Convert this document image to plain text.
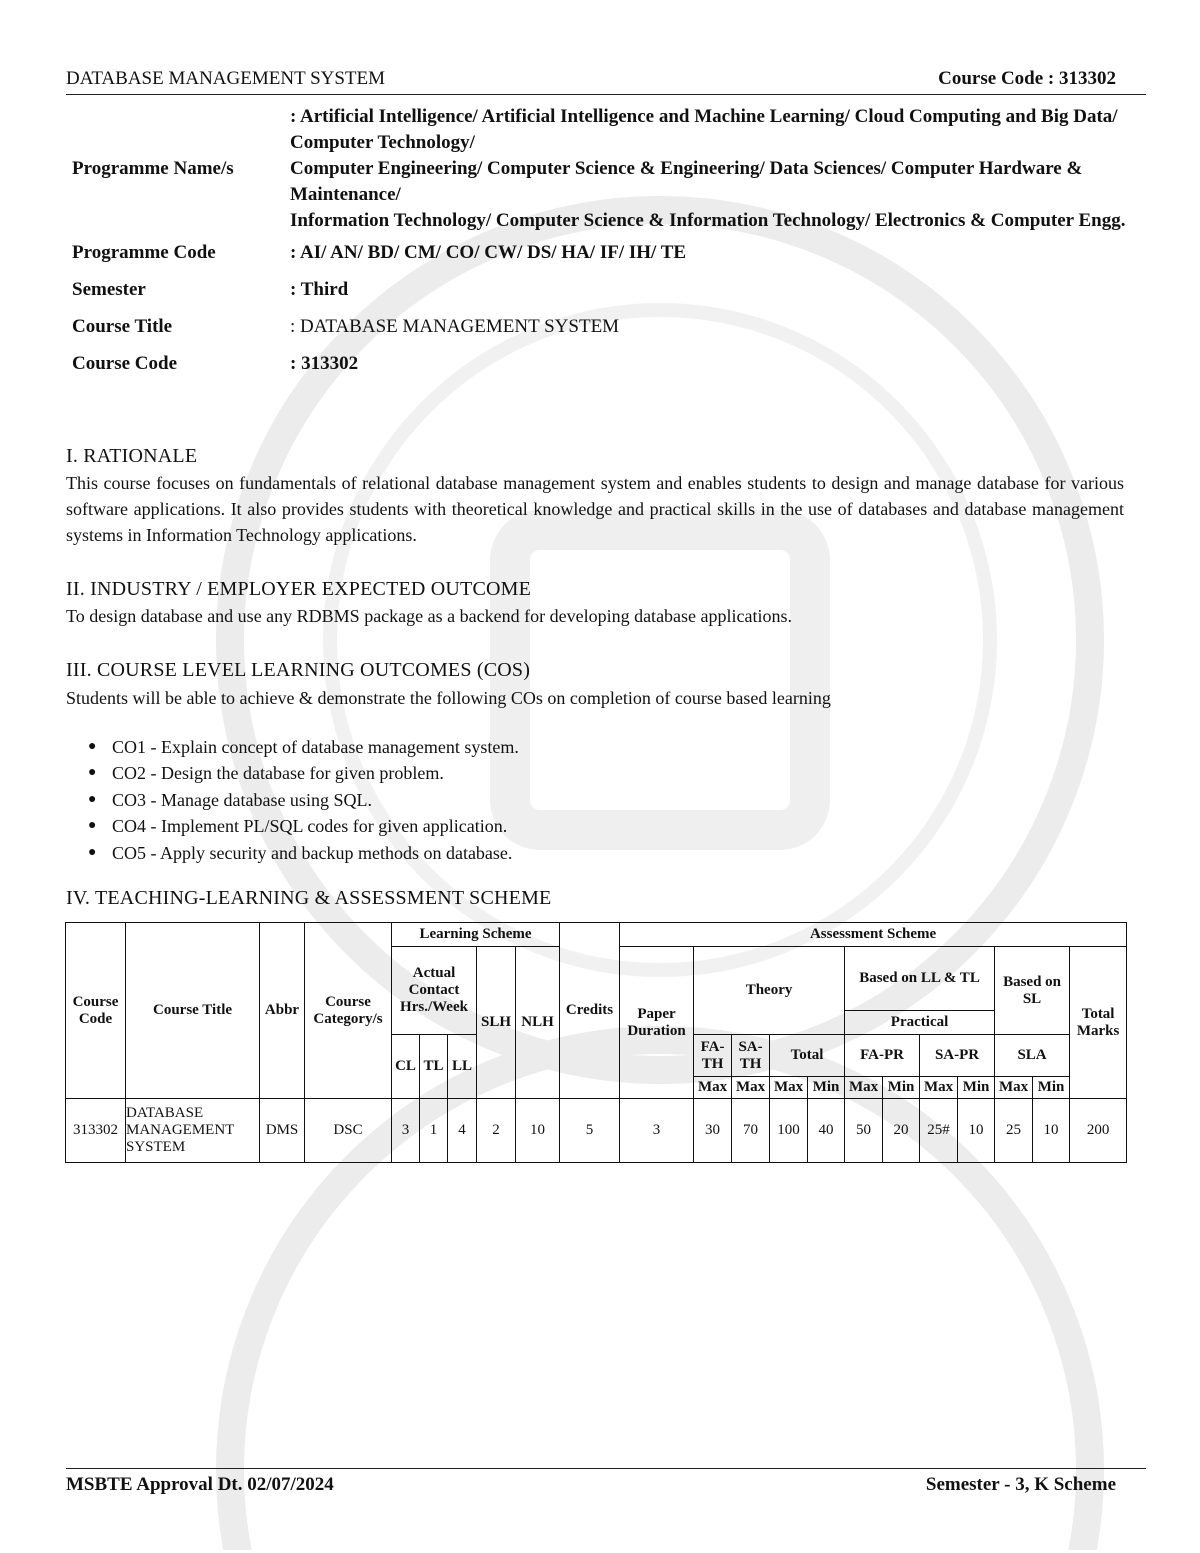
DATABASE MANAGEMENT SYSTEM	Course Code : 313302
Programme Name/s	: Artificial Intelligence/ Artificial Intelligence and Machine Learning/ Cloud Computing and Big Data/ Computer Technology/
Computer Engineering/ Computer Science & Engineering/ Data Sciences/ Computer Hardware & Maintenance/
Information Technology/ Computer Science & Information Technology/ Electronics & Computer Engg.

Programme Code	: AI/ AN/ BD/ CM/ CO/ CW/ DS/ HA/ IF/ IH/ TE
Semester	: Third
Course Title	: DATABASE MANAGEMENT SYSTEM
Course Code	: 313302
I. RATIONALE
This course focuses on fundamentals of relational database management system and enables students to design and manage database for various software applications. It also provides students with theoretical knowledge and practical skills in the use of databases and database management systems in Information Technology applications.
II. INDUSTRY / EMPLOYER EXPECTED OUTCOME
To design database and use any RDBMS package as a backend for developing database applications.
III. COURSE LEVEL LEARNING OUTCOMES (COS)
Students will be able to achieve & demonstrate the following COs on completion of course based learning
● CO1 - Explain concept of database management system.
● CO2 - Design the database for given problem.
● CO3 - Manage database using SQL.
● CO4 - Implement PL/SQL codes for given application.
● CO5 - Apply security and backup methods on database.
IV. TEACHING-LEARNING & ASSESSMENT SCHEME
Course Code	Course Title	Abbr	Course Category/s	Learning Scheme					Credits	Assessment Scheme											
				Actual Contact Hrs./Week			SLH	NLH		Paper Duration	Theory				Based on LL & TL				Based on SL		Total Marks
															Practical						
				CL	TL	LL					FA-TH	SA-TH	Total		FA-PR		SA-PR		SLA		
											Max	Max	Max	Min	Max	Min	Max	Min	Max	Min	
313302	DATABASE MANAGEMENT SYSTEM	DMS	DSC	3	1	4	2	10	5	3	30	70	100	40	50	20	25#	10	25	10	200
MSBTE Approval Dt. 02/07/2024	Semester - 3, K Scheme
